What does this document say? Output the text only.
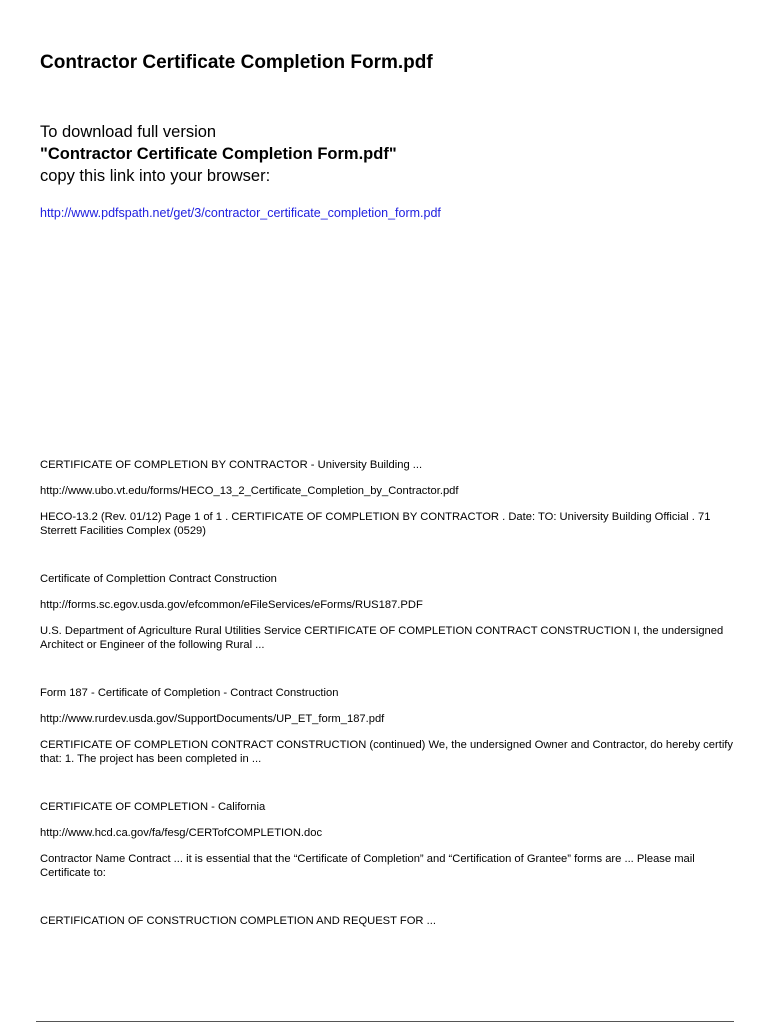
Contractor Certificate Completion Form.pdf
To download full version
"Contractor Certificate Completion Form.pdf"
copy this link into your browser:
http://www.pdfspath.net/get/3/contractor_certificate_completion_form.pdf

CERTIFICATE OF COMPLETION BY CONTRACTOR - University Building ...

http://www.ubo.vt.edu/forms/HECO_13_2_Certificate_Completion_by_Contractor.pdf

HECO-13.2 (Rev. 01/12) Page 1 of 1 . CERTIFICATE OF COMPLETION BY CONTRACTOR . Date: TO: University Building Official . 71 Sterrett Facilities Complex (0529)

Certificate of Complettion Contract Construction

http://forms.sc.egov.usda.gov/efcommon/eFileServices/eForms/RUS187.PDF

U.S. Department of Agriculture Rural Utilities Service CERTIFICATE OF COMPLETION CONTRACT CONSTRUCTION I, the undersigned Architect or Engineer of the following Rural ...

Form 187 - Certificate of Completion - Contract Construction

http://www.rurdev.usda.gov/SupportDocuments/UP_ET_form_187.pdf

CERTIFICATE OF COMPLETION CONTRACT CONSTRUCTION (continued) We, the undersigned Owner and Contractor, do hereby certify that: 1. The project has been completed in ...

CERTIFICATE OF COMPLETION - California

http://www.hcd.ca.gov/fa/fesg/CERTofCOMPLETION.doc

Contractor Name Contract ... it is essential that the “Certificate of Completion” and “Certification of Grantee” forms are ... Please mail Certificate to:

CERTIFICATION OF CONSTRUCTION COMPLETION AND REQUEST FOR ...
